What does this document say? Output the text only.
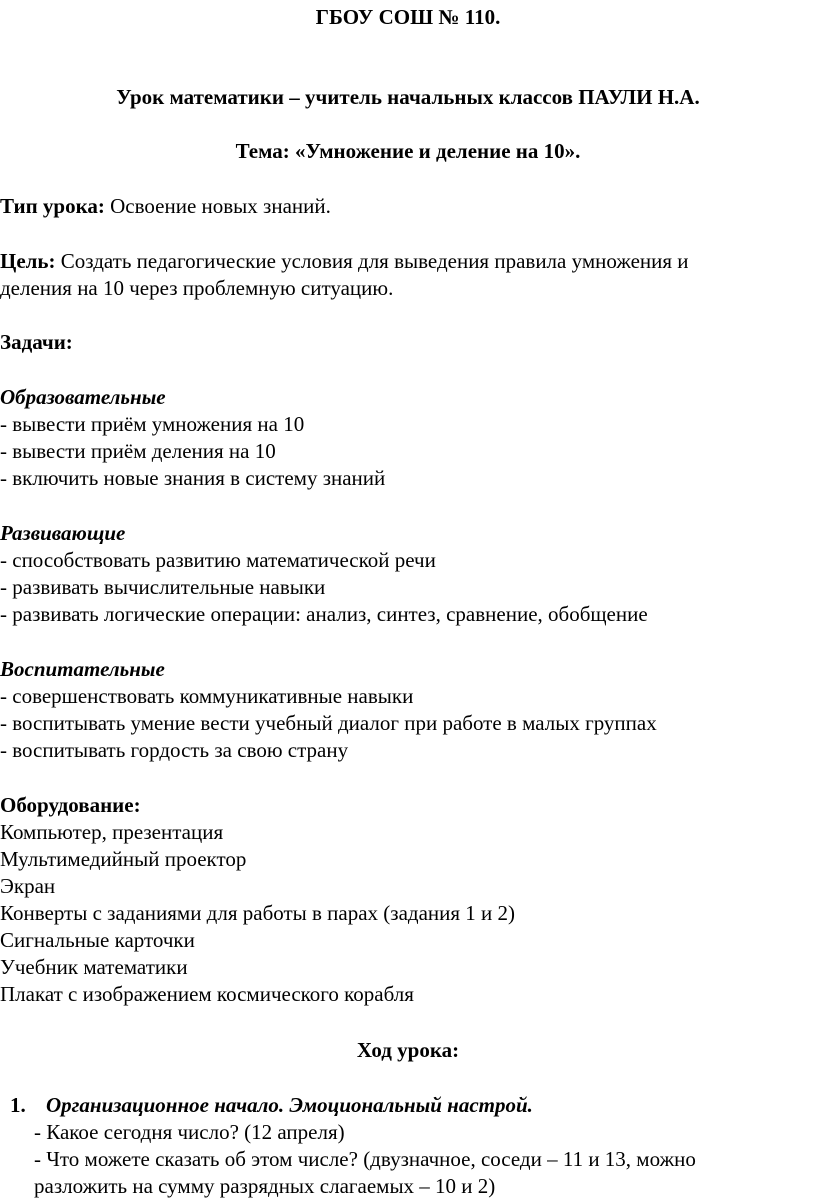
ГБОУ СОШ № 110.
Урок математики – учитель начальных классов ПАУЛИ Н.А.
Тема: «Умножение и деление на 10».
Тип урока: Освоение новых знаний.
Цель: Создать педагогические условия для выведения правила умножения и
деления на 10 через проблемную ситуацию.
Задачи:
Образовательные
- вывести приём умножения на 10
- вывести приём деления на 10
- включить новые знания в систему знаний
Развивающие
- способствовать развитию математической речи
- развивать вычислительные навыки
- развивать логические операции: анализ, синтез, сравнение, обобщение
Воспитательные
- совершенствовать коммуникативные навыки
- воспитывать умение вести учебный диалог при работе в малых группах
- воспитывать гордость за свою страну
Оборудование:
Компьютер, презентация
Мультимедийный проектор
Экран
Конверты с заданиями для работы в парах (задания 1 и 2)
Сигнальные карточки
Учебник математики
Плакат с изображением космического корабля
Ход урока:
1. Организационное начало. Эмоциональный настрой.
- Какое сегодня число? (12 апреля)
- Что можете сказать об этом числе? (двузначное, соседи – 11 и 13, можно
разложить на сумму разрядных слагаемых – 10 и 2)
